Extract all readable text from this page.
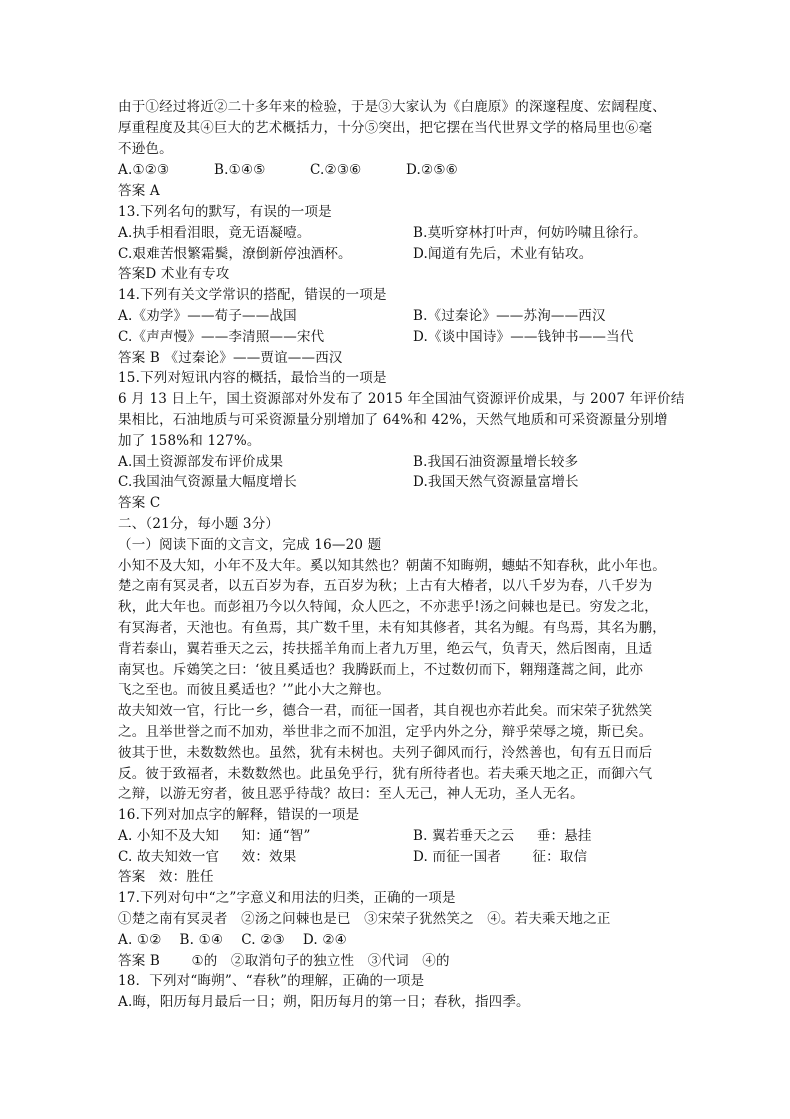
由于①经过将近②二十多年来的检验，于是③大家认为《白鹿原》的深邃程度、宏阔程度、
厚重程度及其④巨大的艺术概括力，十分⑤突出，把它摆在当代世界文学的格局里也⑥毫
不逊色。
A.①②③	B.①④⑤	C.②③⑥	D.②⑤⑥
答案 A
13.下列名句的默写，有误的一项是
A.执手相看泪眼，竟无语凝噎。	B.莫听穿林打叶声，何妨吟啸且徐行。
C.艰难苦恨繁霜鬓，潦倒新停浊酒杯。	D.闻道有先后，术业有钻攻。
答案D 术业有专攻
14.下列有关文学常识的搭配，错误的一项是
A.《劝学》——荀子——战国	B.《过秦论》——苏洵——西汉
C.《声声慢》——李清照——宋代	D.《谈中国诗》——钱钟书——当代
答案 B 《过秦论》——贾谊——西汉
15.下列对短讯内容的概括，最恰当的一项是
6 月 13 日上午，国土资源部对外发布了 2015 年全国油气资源评价成果，与 2007 年评价结
果相比，石油地质与可采资源量分别增加了 64%和 42%，天然气地质和可采资源量分别增
加了 158%和 127%。
A.国土资源部发布评价成果	B.我国石油资源量增长较多
C.我国油气资源量大幅度增长	D.我国天然气资源量富增长
答案 C
二、（21分，每小题 3分）
（一）阅读下面的文言文，完成 16—20 题
小知不及大知，小年不及大年。奚以知其然也？朝菌不知晦朔，蟪蛄不知春秋，此小年也。
楚之南有冥灵者，以五百岁为春，五百岁为秋；上古有大椿者，以八千岁为春，八千岁为
秋，此大年也。而彭祖乃今以久特闻，众人匹之，不亦悲乎!汤之问棘也是已。穷发之北，
有冥海者，天池也。有鱼焉，其广数千里，未有知其修者，其名为鲲。有鸟焉，其名为鹏，
背若泰山，翼若垂天之云，抟扶摇羊角而上者九万里，绝云气，负青天，然后图南，且适
南冥也。斥鴳笑之曰：‘彼且奚适也？我腾跃而上，不过数仞而下，翱翔蓬蒿之间，此亦
飞之至也。而彼且奚适也？’”此小大之辩也。
故夫知效一官，行比一乡，德合一君，而征一国者，其自视也亦若此矣。而宋荣子犹然笑
之。且举世誉之而不加劝，举世非之而不加沮，定乎内外之分，辩乎荣辱之境，斯已矣。
彼其于世，未数数然也。虽然，犹有未树也。夫列子御风而行，泠然善也，旬有五日而后
反。彼于致福者，未数数然也。此虽免乎行，犹有所待者也。若夫乘天地之正，而御六气
之辩，以游无穷者，彼且恶乎待哉？故曰：至人无己，神人无功，圣人无名。
16.下列对加点字的解释，错误的一项是
A. 小知不及大知     知：通“智”	B. 翼若垂天之云     垂：悬挂
C. 故夫知效一官     效：效果	D. 而征一国者       征：取信
答案   效：胜任
17.下列对句中“之”字意义和用法的归类，正确的一项是
①楚之南有冥灵者   ②汤之问棘也是已   ③宋荣子犹然笑之   ④。若夫乘天地之正
A. ①② B. ①④ C. ②③ D. ②④
答案 B       ①的   ②取消句子的独立性   ③代词   ④的
18．下列对“晦朔”、“春秋”的理解，正确的一项是
A.晦，阳历每月最后一日；朔，阳历每月的第一日；春秋，指四季。
